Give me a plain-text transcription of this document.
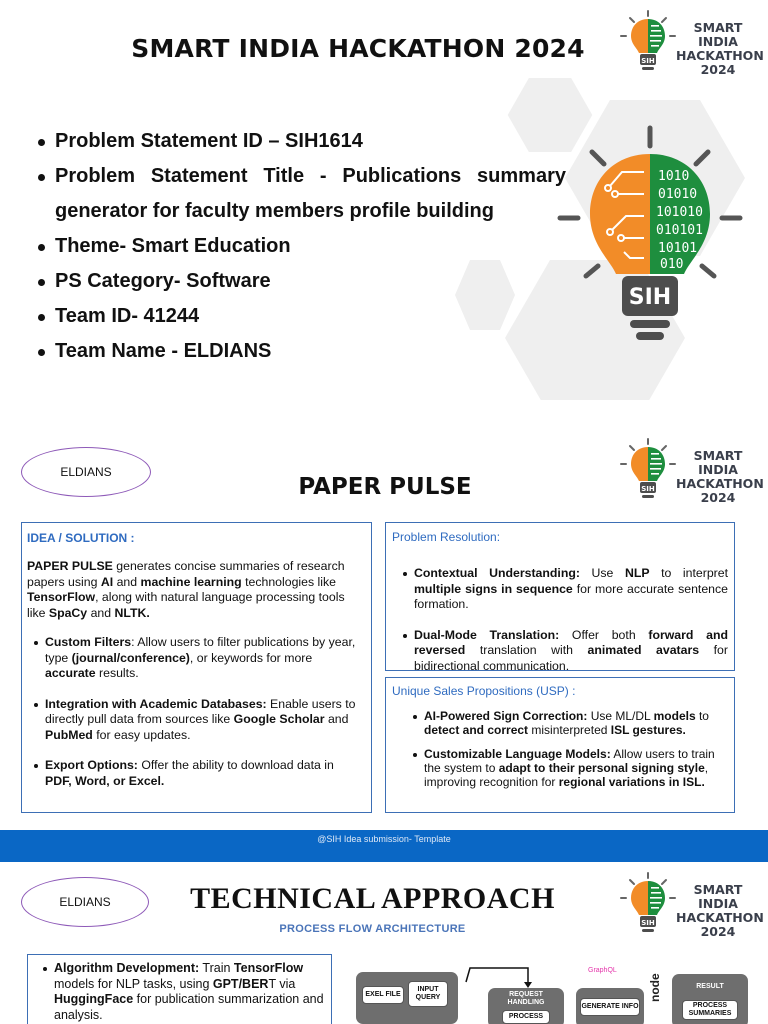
SMART INDIA HACKATHON 2024
Problem Statement ID – SIH1614
Problem Statement Title - Publications summary generator for faculty members profile building
Theme- Smart Education
PS Category- Software
Team ID- 41244
Team Name - ELDIANS
1010
01010
101010
010101
10101
010
SIH
SIH
SMART INDIA
HACKATHON
2024
ELDIANS
PAPER PULSE	SIH
SMART INDIA
HACKATHON
2024
IDEA / SOLUTION :

PAPER PULSE generates concise summaries of research papers using AI and machine learning technologies like TensorFlow, along with natural language processing tools like SpaCy and NLTK.

Custom Filters: Allow users to filter publications by year, type (journal/conference), or keywords for more accurate results.
Integration with Academic Databases: Enable users to directly pull data from sources like Google Scholar and PubMed for easy updates.
Export Options: Offer the ability to download data in PDF, Word, or Excel.
Problem Resolution:
Contextual Understanding: Use NLP to interpret multiple signs in sequence for more accurate sentence formation.
Dual-Mode Translation: Offer both forward and reversed translation with animated avatars for bidirectional communication.
Unique Sales Propositions (USP) :
AI-Powered Sign Correction: Use ML/DL models to detect and correct misinterpreted ISL gestures.
Customizable Language Models: Allow users to train the system to adapt to their personal signing style, improving recognition for regional variations in ISL.
@SIH Idea submission- Template
ELDIANS	TECHNICAL APPROACH
PROCESS FLOW ARCHITECTURE	SIH
SMART INDIA
HACKATHON
2024
Algorithm Development: Train TensorFlow models for NLP tasks, using GPT/BERT via HuggingFace for publication summarization and analysis.
EXEL FILE
INPUT QUERY	REQUEST HANDLING
PROCESS
GraphQL
GENERATE INFO
node	RESULT
PROCESS SUMMARIES
